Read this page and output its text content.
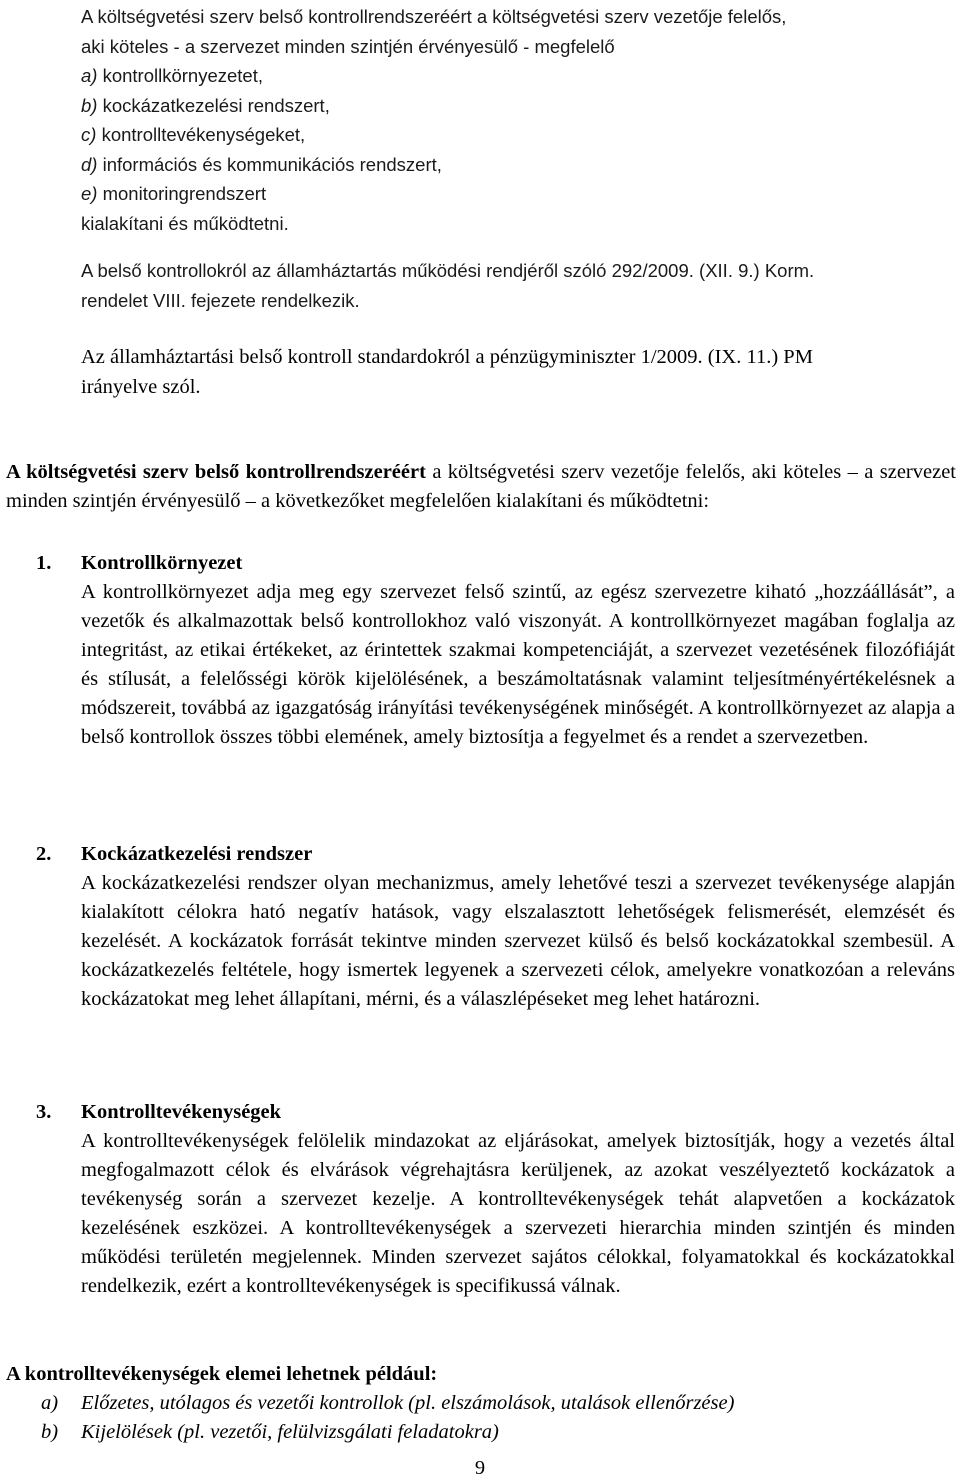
A költségvetési szerv belső kontrollrendszeréért a költségvetési szerv vezetője felelős,
aki köteles - a szervezet minden szintjén érvényesülő - megfelelő
a) kontrollkörnyezetet,
b) kockázatkezelési rendszert,
c) kontrolltevékenységeket,
d) információs és kommunikációs rendszert,
e) monitoringrendszert
kialakítani és működtetni.
A belső kontrollokról az államháztartás működési rendjéről szóló 292/2009. (XII. 9.) Korm.
rendelet VIII. fejezete rendelkezik.
Az államháztartási belső kontroll standardokról a pénzügyminiszter 1/2009. (IX. 11.) PM
irányelve szól.
A költségvetési szerv belső kontrollrendszeréért a költségvetési szerv vezetője felelős, aki köteles – a szervezet minden szintjén érvényesülő – a következőket megfelelően kialakítani és működtetni:
1.	Kontrollkörnyezet
A kontrollkörnyezet adja meg egy szervezet felső szintű, az egész szervezetre kiható „hozzáállását”, a vezetők és alkalmazottak belső kontrollokhoz való viszonyát. A kontrollkörnyezet magában foglalja az integritást, az etikai értékeket, az érintettek szakmai kompetenciáját, a szervezet vezetésének filozófiáját és stílusát, a felelősségi körök kijelölésének, a beszámoltatásnak valamint teljesítményértékelésnek a módszereit, továbbá az igazgatóság irányítási tevékenységének minőségét. A kontrollkörnyezet az alapja a belső kontrollok összes többi elemének, amely biztosítja a fegyelmet és a rendet a szervezetben.
2.	Kockázatkezelési rendszer
A kockázatkezelési rendszer olyan mechanizmus, amely lehetővé teszi a szervezet tevékenysége alapján kialakított célokra ható negatív hatások, vagy elszalasztott lehetőségek felismerését, elemzését és kezelését. A kockázatok forrását tekintve minden szervezet külső és belső kockázatokkal szembesül. A kockázatkezelés feltétele, hogy ismertek legyenek a szervezeti célok, amelyekre vonatkozóan a releváns kockázatokat meg lehet állapítani, mérni, és a válaszlépéseket meg lehet határozni.
3.	Kontrolltevékenységek
A kontrolltevékenységek felölelik mindazokat az eljárásokat, amelyek biztosítják, hogy a vezetés által megfogalmazott célok és elvárások végrehajtásra kerüljenek, az azokat veszélyeztető kockázatok a tevékenység során a szervezet kezelje. A kontrolltevékenységek tehát alapvetően a kockázatok kezelésének eszközei. A kontrolltevékenységek a szervezeti hierarchia minden szintjén és minden működési területén megjelennek. Minden szervezet sajátos célokkal, folyamatokkal és kockázatokkal rendelkezik, ezért a kontrolltevékenységek is specifikussá válnak.
A kontrolltevékenységek elemei lehetnek például:
a) Előzetes, utólagos és vezetői kontrollok (pl. elszámolások, utalások ellenőrzése)
b) Kijelölések (pl. vezetői, felülvizsgálati feladatokra)
9
